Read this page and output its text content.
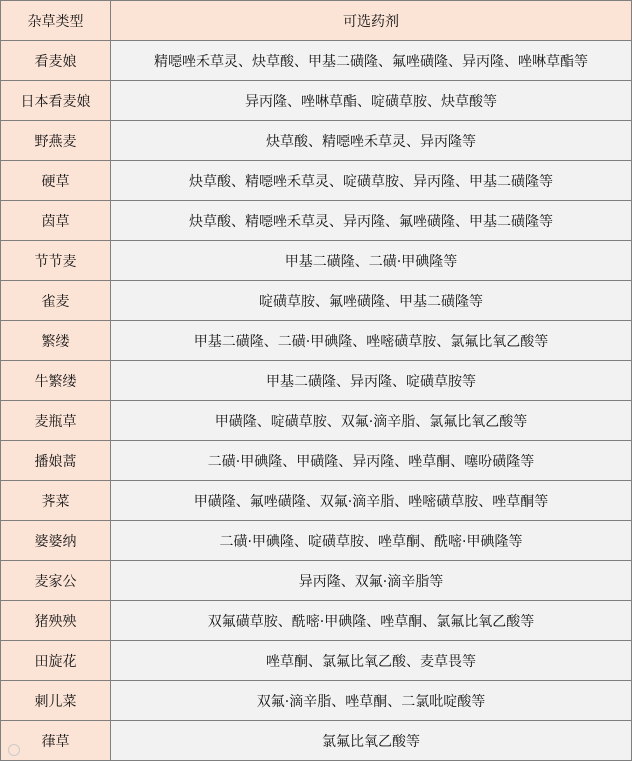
杂草类型	可选药剂
看麦娘	精噁唑禾草灵、炔草酸、甲基二磺隆、氟唑磺隆、异丙隆、唑啉草酯等
日本看麦娘	异丙隆、唑啉草酯、啶磺草胺、炔草酸等
野燕麦	炔草酸、精噁唑禾草灵、异丙隆等
硬草	炔草酸、精噁唑禾草灵、啶磺草胺、异丙隆、甲基二磺隆等
茵草	炔草酸、精噁唑禾草灵、异丙隆、氟唑磺隆、甲基二磺隆等
节节麦	甲基二磺隆、二磺·甲碘隆等
雀麦	啶磺草胺、氟唑磺隆、甲基二磺隆等
繁缕	甲基二磺隆、二磺·甲碘隆、唑嘧磺草胺、氯氟比氧乙酸等
牛繁缕	甲基二磺隆、异丙隆、啶磺草胺等
麦瓶草	甲磺隆、啶磺草胺、双氟·滴辛脂、氯氟比氧乙酸等
播娘蒿	二磺·甲碘隆、甲磺隆、异丙隆、唑草酮、噻吩磺隆等
荠菜	甲磺隆、氟唑磺隆、双氟·滴辛脂、唑嘧磺草胺、唑草酮等
婆婆纳	二磺·甲碘隆、啶磺草胺、唑草酮、酰嘧·甲碘隆等
麦家公	异丙隆、双氟·滴辛脂等
猪殃殃	双氟磺草胺、酰嘧·甲碘隆、唑草酮、氯氟比氧乙酸等
田旋花	唑草酮、氯氟比氧乙酸、麦草畏等
刺儿菜	双氟·滴辛脂、唑草酮、二氯吡啶酸等
葎草	氯氟比氧乙酸等
